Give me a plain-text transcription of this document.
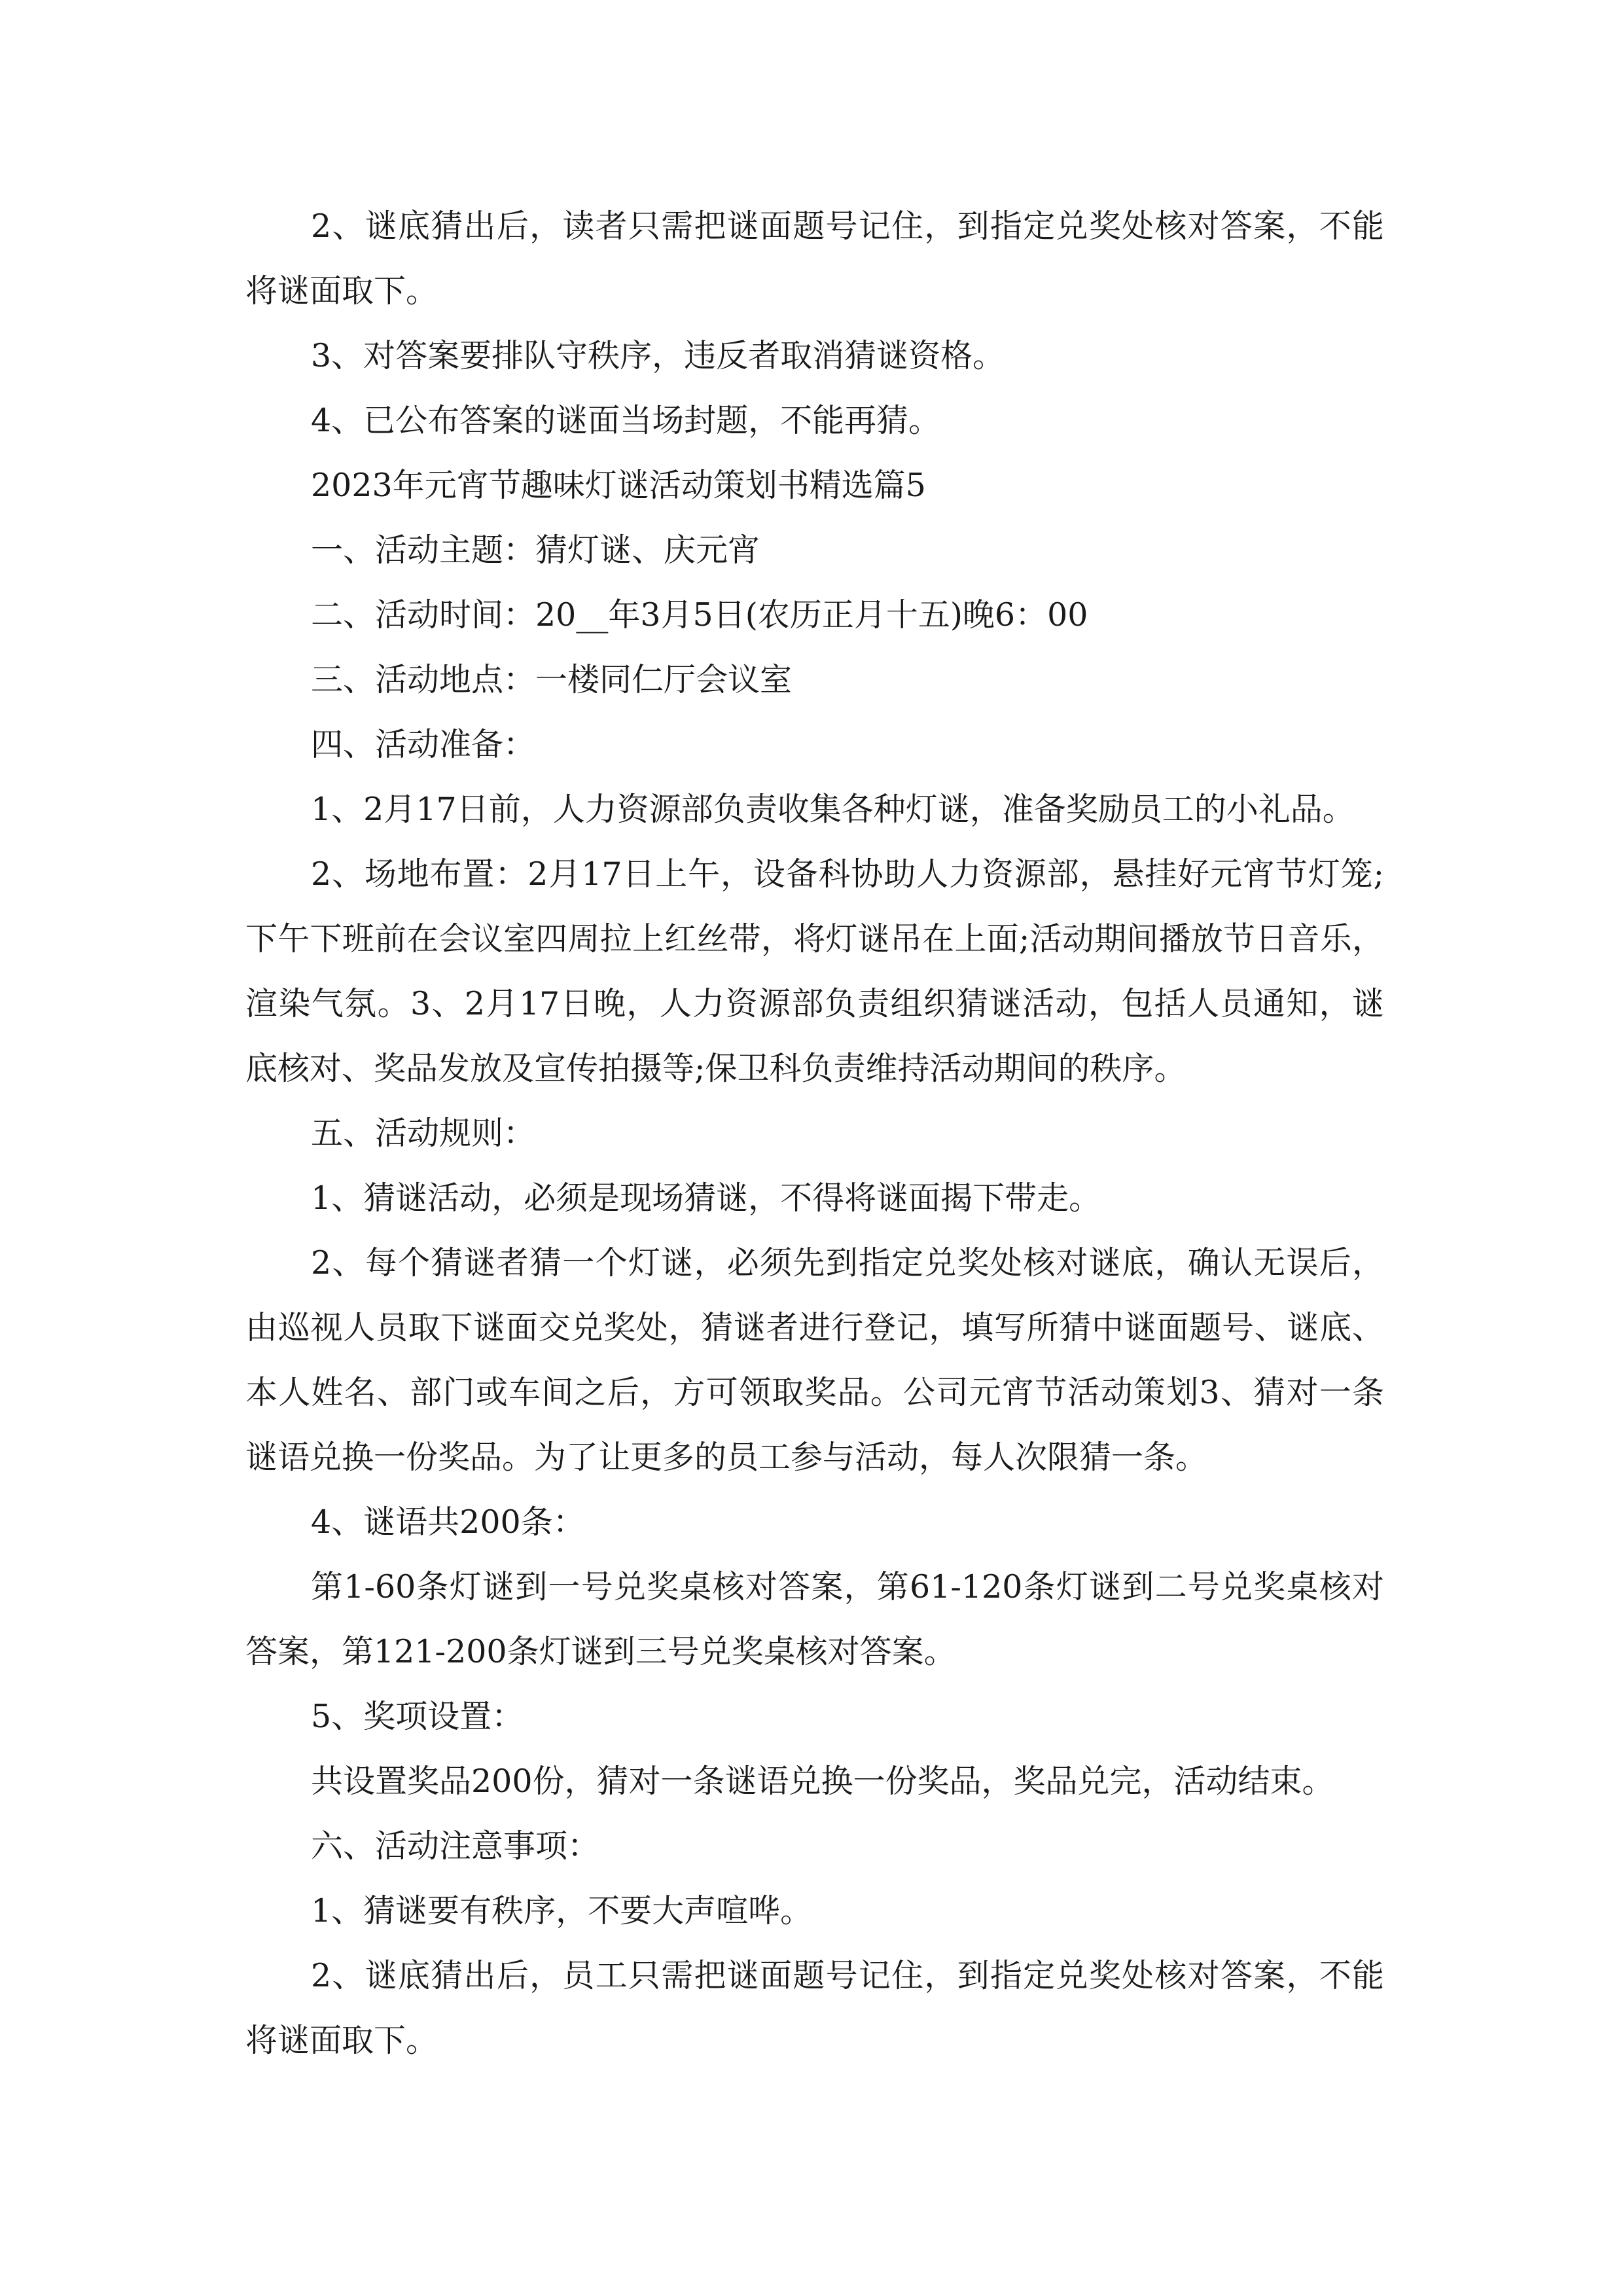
2、谜底猜出后，读者只需把谜面题号记住，到指定兑奖处核对答案，不能将谜面取下。

3、对答案要排队守秩序，违反者取消猜谜资格。

4、已公布答案的谜面当场封题，不能再猜。

2023年元宵节趣味灯谜活动策划书精选篇5

一、活动主题：猜灯谜、庆元宵

二、活动时间：20__年3月5日(农历正月十五)晚6：00

三、活动地点：一楼同仁厅会议室

四、活动准备：

1、2月17日前，人力资源部负责收集各种灯谜，准备奖励员工的小礼品。

2、场地布置：2月17日上午，设备科协助人力资源部，悬挂好元宵节灯笼;下午下班前在会议室四周拉上红丝带，将灯谜吊在上面;活动期间播放节日音乐，渲染气氛。3、2月17日晚，人力资源部负责组织猜谜活动，包括人员通知，谜底核对、奖品发放及宣传拍摄等;保卫科负责维持活动期间的秩序。

五、活动规则：

1、猜谜活动，必须是现场猜谜，不得将谜面揭下带走。

2、每个猜谜者猜一个灯谜，必须先到指定兑奖处核对谜底，确认无误后，由巡视人员取下谜面交兑奖处，猜谜者进行登记，填写所猜中谜面题号、谜底、本人姓名、部门或车间之后，方可领取奖品。公司元宵节活动策划3、猜对一条谜语兑换一份奖品。为了让更多的员工参与活动，每人次限猜一条。

4、谜语共200条：

第1-60条灯谜到一号兑奖桌核对答案，第61-120条灯谜到二号兑奖桌核对答案，第121-200条灯谜到三号兑奖桌核对答案。

5、奖项设置：

共设置奖品200份，猜对一条谜语兑换一份奖品，奖品兑完，活动结束。

六、活动注意事项：

1、猜谜要有秩序，不要大声喧哗。

2、谜底猜出后，员工只需把谜面题号记住，到指定兑奖处核对答案，不能将谜面取下。
